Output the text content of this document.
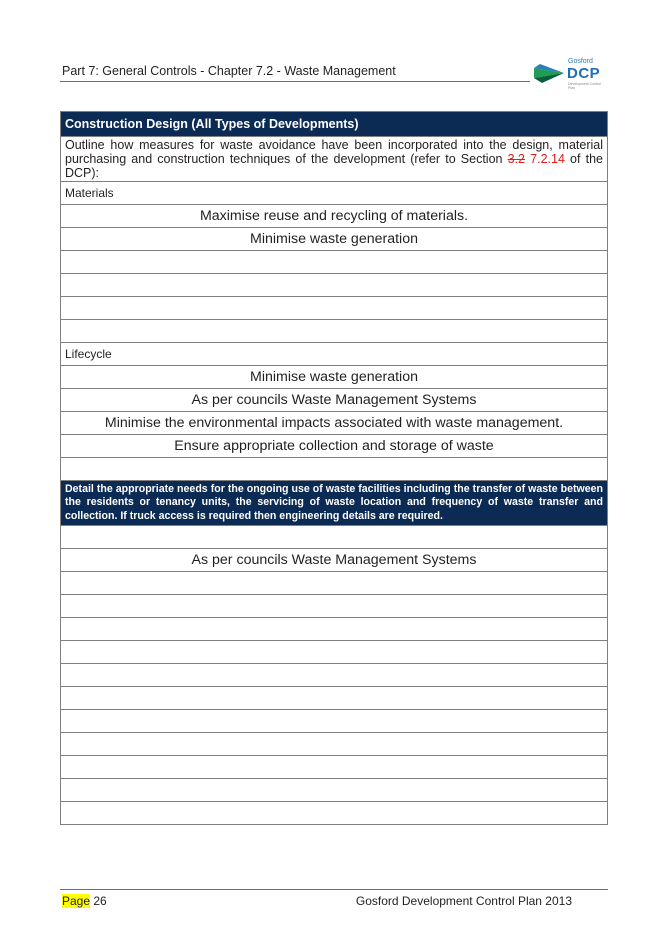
Part 7: General Controls - Chapter 7.2 - Waste Management
Gosford
DCP
Development Control Plan
Construction Design (All Types of Developments)
Outline how measures for waste avoidance have been incorporated into the design, material purchasing and construction techniques of the development (refer to Section 3.2 7.2.14 of the DCP):
Materials
Maximise reuse and recycling of materials.
Minimise waste generation

Lifecycle
Minimise waste generation
As per councils Waste Management Systems
Minimise the environmental impacts associated with waste management.
Ensure appropriate collection and storage of waste

Detail the appropriate needs for the ongoing use of waste facilities including the transfer of waste between the residents or tenancy units, the servicing of waste location and frequency of waste transfer and collection. If truck access is required then engineering details are required.

As per councils Waste Management Systems

Page 26	Gosford Development Control Plan 2013
